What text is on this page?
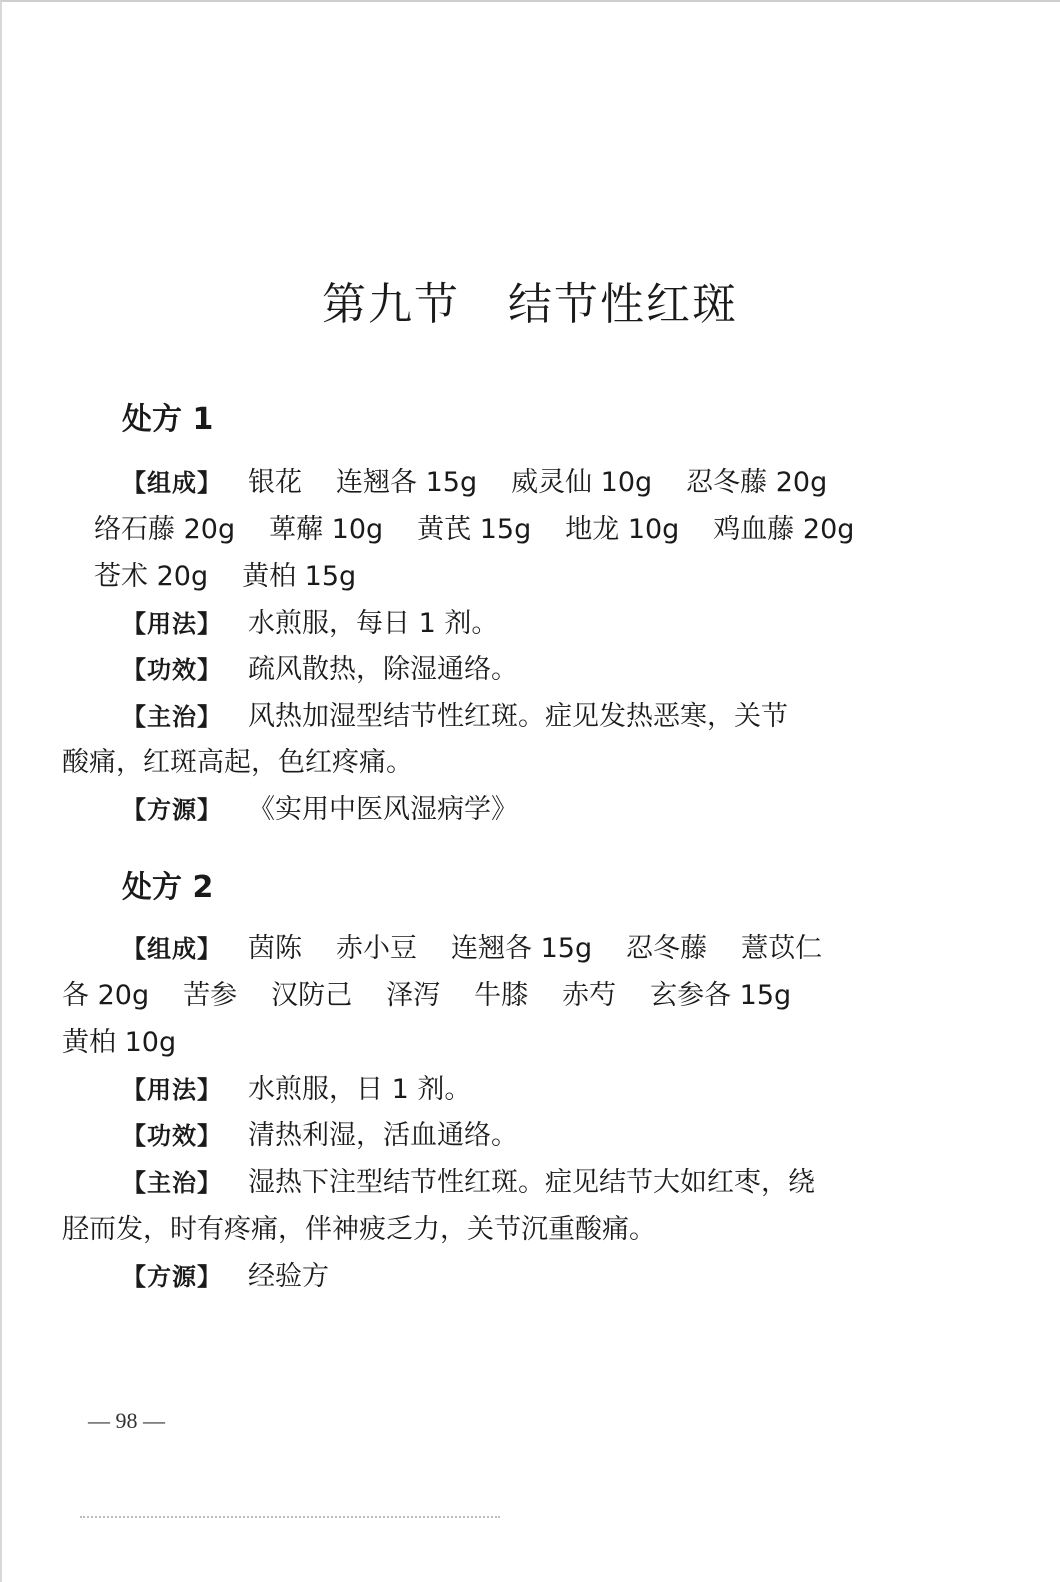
第九节 结节性红斑
处方 1
【组成】 银花 连翘各 15g 威灵仙 10g 忍冬藤 20g
络石藤 20g 萆薢 10g 黄芪 15g 地龙 10g 鸡血藤 20g
苍术 20g 黄柏 15g
【用法】 水煎服，每日 1 剂。
【功效】 疏风散热，除湿通络。
【主治】 风热加湿型结节性红斑。症见发热恶寒，关节
酸痛，红斑高起，色红疼痛。
【方源】 《实用中医风湿病学》
处方 2
【组成】 茵陈 赤小豆 连翘各 15g 忍冬藤 薏苡仁
各 20g 苦参 汉防己 泽泻 牛膝 赤芍 玄参各 15g
黄柏 10g
【用法】 水煎服，日 1 剂。
【功效】 清热利湿，活血通络。
【主治】 湿热下注型结节性红斑。症见结节大如红枣，绕
胫而发，时有疼痛，伴神疲乏力，关节沉重酸痛。
【方源】 经验方
— 98 —
